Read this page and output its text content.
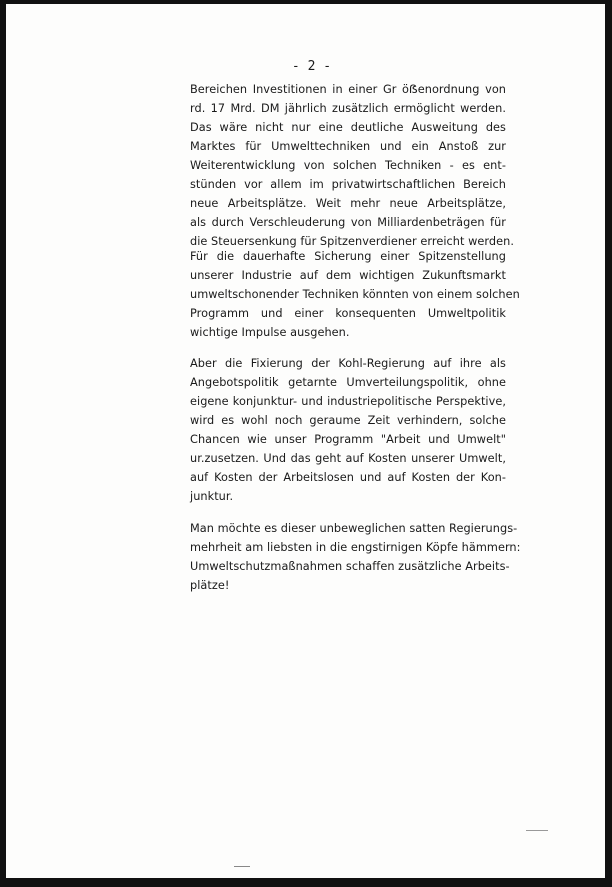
- 2 -
Bereichen Investitionen in einer Gr öẞenordnung von
rd. 17 Mrd. DM jährlich zusätzlich ermöglicht werden.
Das wäre nicht nur eine deutliche Ausweitung des
Marktes für Umwelttechniken und ein Anstoß zur
Weiterentwicklung von solchen Techniken - es ent-
stünden vor allem im privatwirtschaftlichen Bereich
neue Arbeitsplätze. Weit mehr neue Arbeitsplätze,
als durch Verschleuderung von Milliardenbeträgen für
die Steuersenkung für Spitzenverdiener erreicht werden.
Für die dauerhafte Sicherung einer Spitzenstellung
unserer Industrie auf dem wichtigen Zukunftsmarkt
umweltschonender Techniken könnten von einem solchen
Programm und einer konsequenten Umweltpolitik
wichtige Impulse ausgehen.
Aber die Fixierung der Kohl-Regierung auf ihre als
Angebotspolitik getarnte Umverteilungspolitik, ohne
eigene konjunktur- und industriepolitische Perspektive,
wird es wohl noch geraume Zeit verhindern, solche
Chancen wie unser Programm "Arbeit und Umwelt"
ur.zusetzen. Und das geht auf Kosten unserer Umwelt,
auf Kosten der Arbeitslosen und auf Kosten der Kon-
junktur.
Man möchte es dieser unbeweglichen satten Regierungs-
mehrheit am liebsten in die engstirnigen Köpfe hämmern:
Umweltschutzmaßnahmen schaffen zusätzliche Arbeits-
plätze!
